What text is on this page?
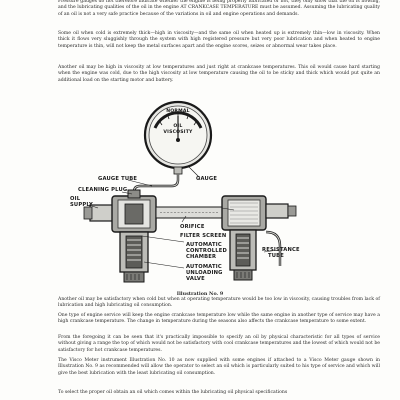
Pressure gauges do not therefore indicate whether the engine is being properly lubricated or not, they only show that the oil is flowing, and the lubricating qualities of the oil in the engine AT CRANKCASE TEMPERATURE must be assumed. Assuming the lubricating quality of an oil is not a very safe practice because of the variations in oil and engine operations and demands.

Some oil when cold is extremely thick—high in viscosity—and the same oil when heated up is extremely thin—low in viscosity. When thick it flows very sluggishly through the system with high registered pressure but very poor lubrication and when heated to engine temperature is thin, will not keep the metal surfaces apart and the engine scores, seizes or abnormal wear takes place.

Another oil may be high in viscosity at low temperatures and just right at crankcase temperatures. This oil would cause hard starting when the engine was cold, due to the high viscosity at low temperature causing the oil to be sticky and thick which would put quite an additional load on the starting motor and battery.

NORMAL
OIL
VISCOSITY
GAUGE TUBE	GAUGE
CLEANING PLUG
OIL
SUPPLY
ORIFICE
FILTER SCREEN
AUTOMATIC
CONTROLLED
CHAMBER
AUTOMATIC
UNLOADING
VALVE
RESISTANCE
TUBE
Illustration No. 9

Another oil may be satisfactory when cold but when at operating temperature would be too low in viscosity, causing troubles from lack of lubrication and high lubricating oil consumption.

One type of engine service will keep the engine crankcase temperature low while the same engine in another type of service may have a high crankcase temperature. The change in temperature during the seasons also affects the crankcase temperature to some extent.

From the foregoing it can be seen that it's practically impossible to specify an oil by physical characteristic for all types of service without giving a range the top of which would not be satisfactory with cool crankcase temperatures and the lowest of which would not be satisfactory for hot crankcase temperatures.

The Visco Meter instrument Illustration No. 10 as now supplied with some engines if attached to a Visco Meter gauge shown in Illustration No. 9 as recommended will allow the operator to select an oil which is particularly suited to his type of service and which will give the best lubrication with the least lubricating oil consumption.

To select the proper oil obtain an oil which comes within the lubricating oil physical specifications
